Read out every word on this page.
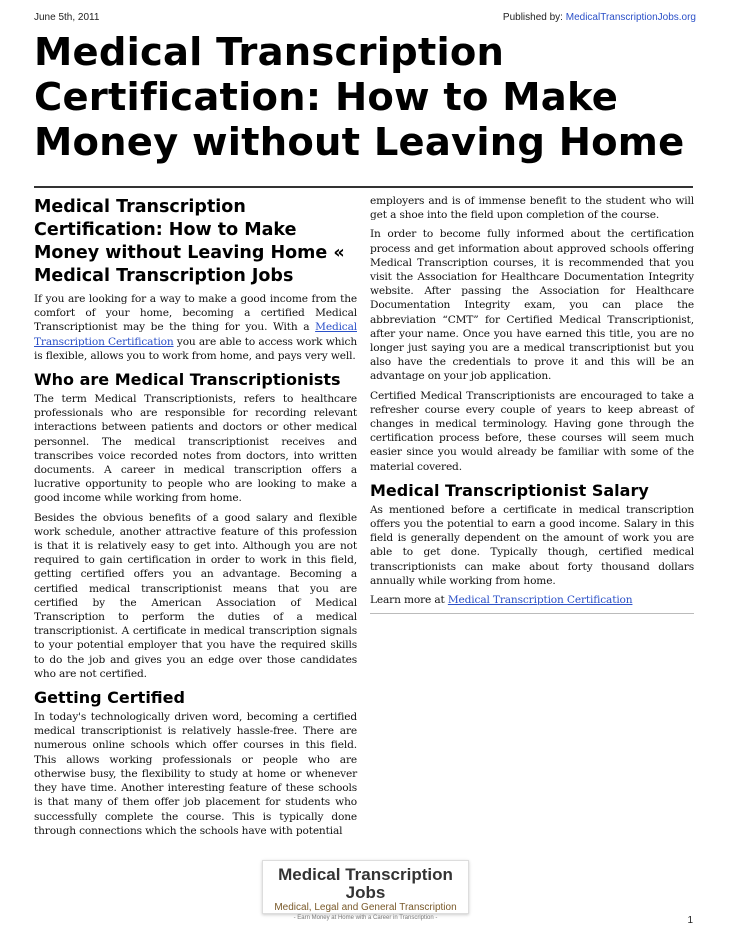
June 5th, 2011	Published by: MedicalTranscriptionJobs.org
Medical Transcription Certification: How to Make Money without Leaving Home
Medical Transcription Certification: How to Make Money without Leaving Home « Medical Transcription Jobs

If you are looking for a way to make a good income from the comfort of your home, becoming a certified Medical Transcriptionist may be the thing for you. With a Medical Transcription Certification you are able to access work which is flexible, allows you to work from home, and pays very well.

Who are Medical Transcriptionists

The term Medical Transcriptionists, refers to healthcare professionals who are responsible for recording relevant interactions between patients and doctors or other medical personnel. The medical transcriptionist receives and transcribes voice recorded notes from doctors, into written documents. A career in medical transcription offers a lucrative opportunity to people who are looking to make a good income while working from home.

Besides the obvious benefits of a good salary and flexible work schedule, another attractive feature of this profession is that it is relatively easy to get into. Although you are not required to gain certification in order to work in this field, getting certified offers you an advantage. Becoming a certified medical transcriptionist means that you are certified by the American Association of Medical Transcription to perform the duties of a medical transcriptionist. A certificate in medical transcription signals to your potential employer that you have the required skills to do the job and gives you an edge over those candidates who are not certified.

Getting Certified

In today's technologically driven word, becoming a certified medical transcriptionist is relatively hassle-free. There are numerous online schools which offer courses in this field. This allows working professionals or people who are otherwise busy, the flexibility to study at home or whenever they have time. Another interesting feature of these schools is that many of them offer job placement for students who successfully complete the course. This is typically done through connections which the schools have with potential

employers and is of immense benefit to the student who will get a shoe into the field upon completion of the course.

In order to become fully informed about the certification process and get information about approved schools offering Medical Transcription courses, it is recommended that you visit the Association for Healthcare Documentation Integrity website. After passing the Association for Healthcare Documentation Integrity exam, you can place the abbreviation “CMT” for Certified Medical Transcriptionist, after your name. Once you have earned this title, you are no longer just saying you are a medical transcriptionist but you also have the credentials to prove it and this will be an advantage on your job application.

Certified Medical Transcriptionists are encouraged to take a refresher course every couple of years to keep abreast of changes in medical terminology. Having gone through the certification process before, these courses will seem much easier since you would already be familiar with some of the material covered.

Medical Transcriptionist Salary

As mentioned before a certificate in medical transcription offers you the potential to earn a good income. Salary in this field is generally dependent on the amount of work you are able to get done. Typically though, certified medical transcriptionists can make about forty thousand dollars annually while working from home.

Learn more at Medical Transcription Certification

Medical Transcription Jobs
Medical, Legal and General Transcription
- Earn Money at Home with a Career in Transcription -	1
